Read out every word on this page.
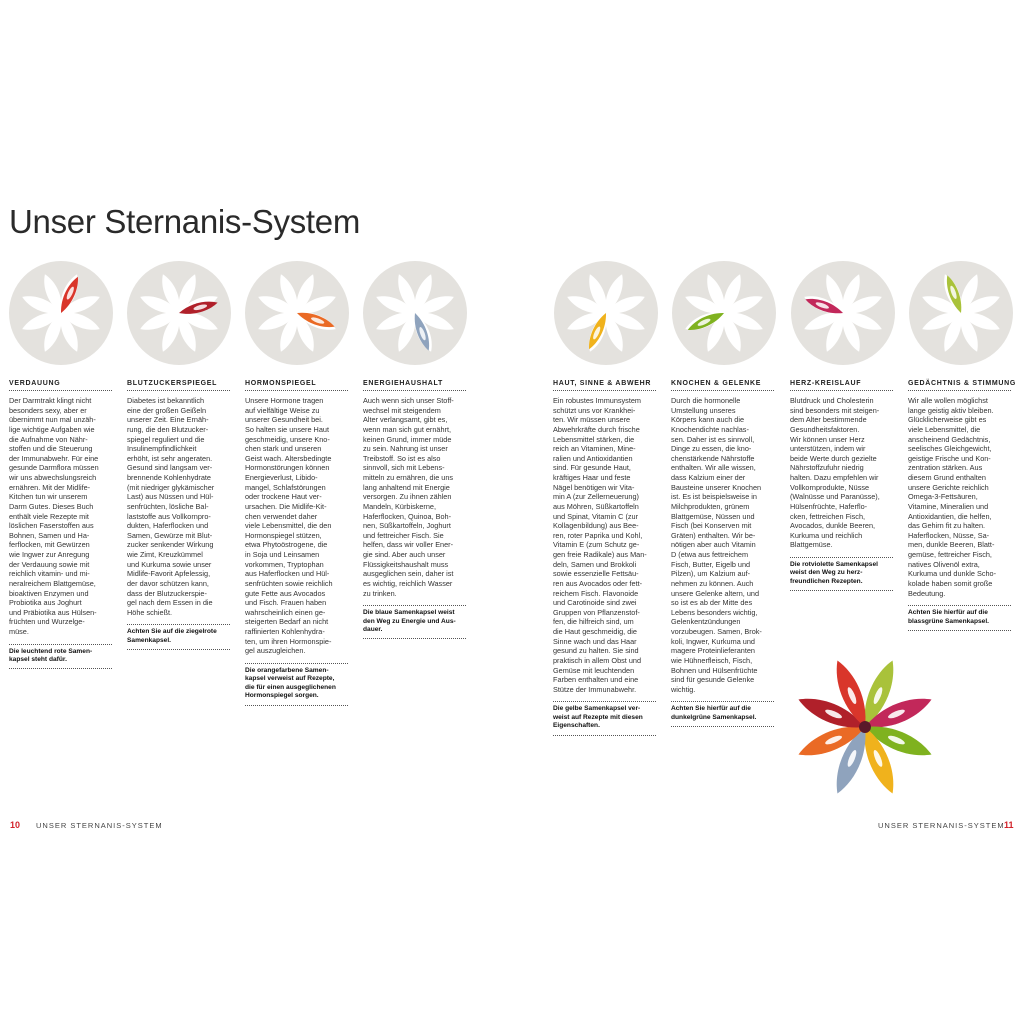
Unser Sternanis-System
VERDAUUNG

Der Darmtrakt klingt nicht
besonders sexy, aber er
übernimmt nun mal unzäh-
lige wichtige Aufgaben wie
die Aufnahme von Nähr-
stoffen und die Steuerung
der Immunabwehr. Für eine
gesunde Darmflora müssen
wir uns abwechslungsreich
ernähren. Mit der Midlife-
Kitchen tun wir unserem
Darm Gutes. Dieses Buch
enthält viele Rezepte mit
löslichen Faserstoffen aus
Bohnen, Samen und Ha-
ferflocken, mit Gewürzen
wie Ingwer zur Anregung
der Verdauung sowie mit
reichlich vitamin- und mi-
neralreichem Blattgemüse,
bioaktiven Enzymen und
Probiotika aus Joghurt
und Präbiotika aus Hülsen-
früchten und Wurzelge-
müse.

Die leuchtend rote Samen-
kapsel steht dafür.
BLUTZUCKERSPIEGEL

Diabetes ist bekanntlich
eine der großen Geißeln
unserer Zeit. Eine Ernäh-
rung, die den Blutzucker-
spiegel reguliert und die
Insulinempfindlichkeit
erhöht, ist sehr angeraten.
Gesund sind langsam ver-
brennende Kohlenhydrate
(mit niedriger glykämischer
Last) aus Nüssen und Hül-
senfrüchten, lösliche Bal-
laststoffe aus Vollkornpro-
dukten, Haferflocken und
Samen, Gewürze mit Blut-
zucker senkender Wirkung
wie Zimt, Kreuzkümmel
und Kurkuma sowie unser
Midlife-Favorit Apfelessig,
der davor schützen kann,
dass der Blutzuckerspie-
gel nach dem Essen in die
Höhe schießt.

Achten Sie auf die ziegelrote
Samenkapsel.
HORMONSPIEGEL

Unsere Hormone tragen
auf vielfältige Weise zu
unserer Gesundheit bei.
So halten sie unsere Haut
geschmeidig, unsere Kno-
chen stark und unseren
Geist wach. Altersbedingte
Hormonstörungen können
Energieverlust, Libido-
mangel, Schlafstörungen
oder trockene Haut ver-
ursachen. Die Midlife-Kit-
chen verwendet daher
viele Lebensmittel, die den
Hormonspiegel stützen,
etwa Phytoöstrogene, die
in Soja und Leinsamen
vorkommen, Tryptophan
aus Haferflocken und Hül-
senfrüchten sowie reichlich
gute Fette aus Avocados
und Fisch. Frauen haben
wahrscheinlich einen ge-
steigerten Bedarf an nicht
raffinierten Kohlenhydra-
ten, um ihren Hormonspie-
gel auszugleichen.

Die orangefarbene Samen-
kapsel verweist auf Rezepte,
die für einen ausgeglichenen
Hormonspiegel sorgen.
ENERGIEHAUSHALT

Auch wenn sich unser Stoff-
wechsel mit steigendem
Alter verlangsamt, gibt es,
wenn man sich gut ernährt,
keinen Grund, immer müde
zu sein. Nahrung ist unser
Treibstoff. So ist es also
sinnvoll, sich mit Lebens-
mitteln zu ernähren, die uns
lang anhaltend mit Energie
versorgen. Zu ihnen zählen
Mandeln, Kürbiskerne,
Haferflocken, Quinoa, Boh-
nen, Süßkartoffeln, Joghurt
und fettreicher Fisch. Sie
helfen, dass wir voller Ener-
gie sind. Aber auch unser
Flüssigkeitshaushalt muss
ausgeglichen sein, daher ist
es wichtig, reichlich Wasser
zu trinken.

Die blaue Samenkapsel weist
den Weg zu Energie und Aus-
dauer.
HAUT, SINNE & ABWEHR

Ein robustes Immunsystem
schützt uns vor Krankhei-
ten. Wir müssen unsere
Abwehrkräfte durch frische
Lebensmittel stärken, die
reich an Vitaminen, Mine-
ralien und Antioxidantien
sind. Für gesunde Haut,
kräftiges Haar und feste
Nägel benötigen wir Vita-
min A (zur Zellerneuerung)
aus Möhren, Süßkartoffeln
und Spinat, Vitamin C (zur
Kollagenbildung) aus Bee-
ren, roter Paprika und Kohl,
Vitamin E (zum Schutz ge-
gen freie Radikale) aus Man-
deln, Samen und Brokkoli
sowie essenzielle Fettsäu-
ren aus Avocados oder fett-
reichem Fisch. Flavonoide
und Carotinoide sind zwei
Gruppen von Pflanzenstof-
fen, die hilfreich sind, um
die Haut geschmeidig, die
Sinne wach und das Haar
gesund zu halten. Sie sind
praktisch in allem Obst und
Gemüse mit leuchtenden
Farben enthalten und eine
Stütze der Immunabwehr.

Die gelbe Samenkapsel ver-
weist auf Rezepte mit diesen
Eigenschaften.
KNOCHEN & GELENKE

Durch die hormonelle
Umstellung unseres
Körpers kann auch die
Knochendichte nachlas-
sen. Daher ist es sinnvoll,
Dinge zu essen, die kno-
chenstärkende Nährstoffe
enthalten. Wir alle wissen,
dass Kalzium einer der
Bausteine unserer Knochen
ist. Es ist beispielsweise in
Milchprodukten, grünem
Blattgemüse, Nüssen und
Fisch (bei Konserven mit
Gräten) enthalten. Wir be-
nötigen aber auch Vitamin
D (etwa aus fettreichem
Fisch, Butter, Eigelb und
Pilzen), um Kalzium auf-
nehmen zu können. Auch
unsere Gelenke altern, und
so ist es ab der Mitte des
Lebens besonders wichtig,
Gelenkentzündungen
vorzubeugen. Samen, Brok-
koli, Ingwer, Kurkuma und
magere Proteinlieferanten
wie Hühnerfleisch, Fisch,
Bohnen und Hülsenfrüchte
sind für gesunde Gelenke
wichtig.

Achten Sie hierfür auf die
dunkelgrüne Samenkapsel.
HERZ-KREISLAUF

Blutdruck und Cholesterin
sind besonders mit steigen-
dem Alter bestimmende
Gesundheitsfaktoren.
Wir können unser Herz
unterstützen, indem wir
beide Werte durch gezielte
Nährstoffzufuhr niedrig
halten. Dazu empfehlen wir
Vollkornprodukte, Nüsse
(Walnüsse und Paranüsse),
Hülsenfrüchte, Haferflo-
cken, fettreichen Fisch,
Avocados, dunkle Beeren,
Kurkuma und reichlich
Blattgemüse.

Die rotviolette Samenkapsel
weist den Weg zu herz-
freundlichen Rezepten.
GEDÄCHTNIS & STIMMUNG

Wir alle wollen möglichst
lange geistig aktiv bleiben.
Glücklicherweise gibt es
viele Lebensmittel, die
anscheinend Gedächtnis,
seelisches Gleichgewicht,
geistige Frische und Kon-
zentration stärken. Aus
diesem Grund enthalten
unsere Gerichte reichlich
Omega-3-Fettsäuren,
Vitamine, Mineralien und
Antioxidantien, die helfen,
das Gehirn fit zu halten.
Haferflocken, Nüsse, Sa-
men, dunkle Beeren, Blatt-
gemüse, fettreicher Fisch,
natives Olivenöl extra,
Kurkuma und dunkle Scho-
kolade haben somit große
Bedeutung.

Achten Sie hierfür auf die
blassgrüne Samenkapsel.
10 UNSER STERNANIS-SYSTEM	UNSER STERNANIS-SYSTEM 11
